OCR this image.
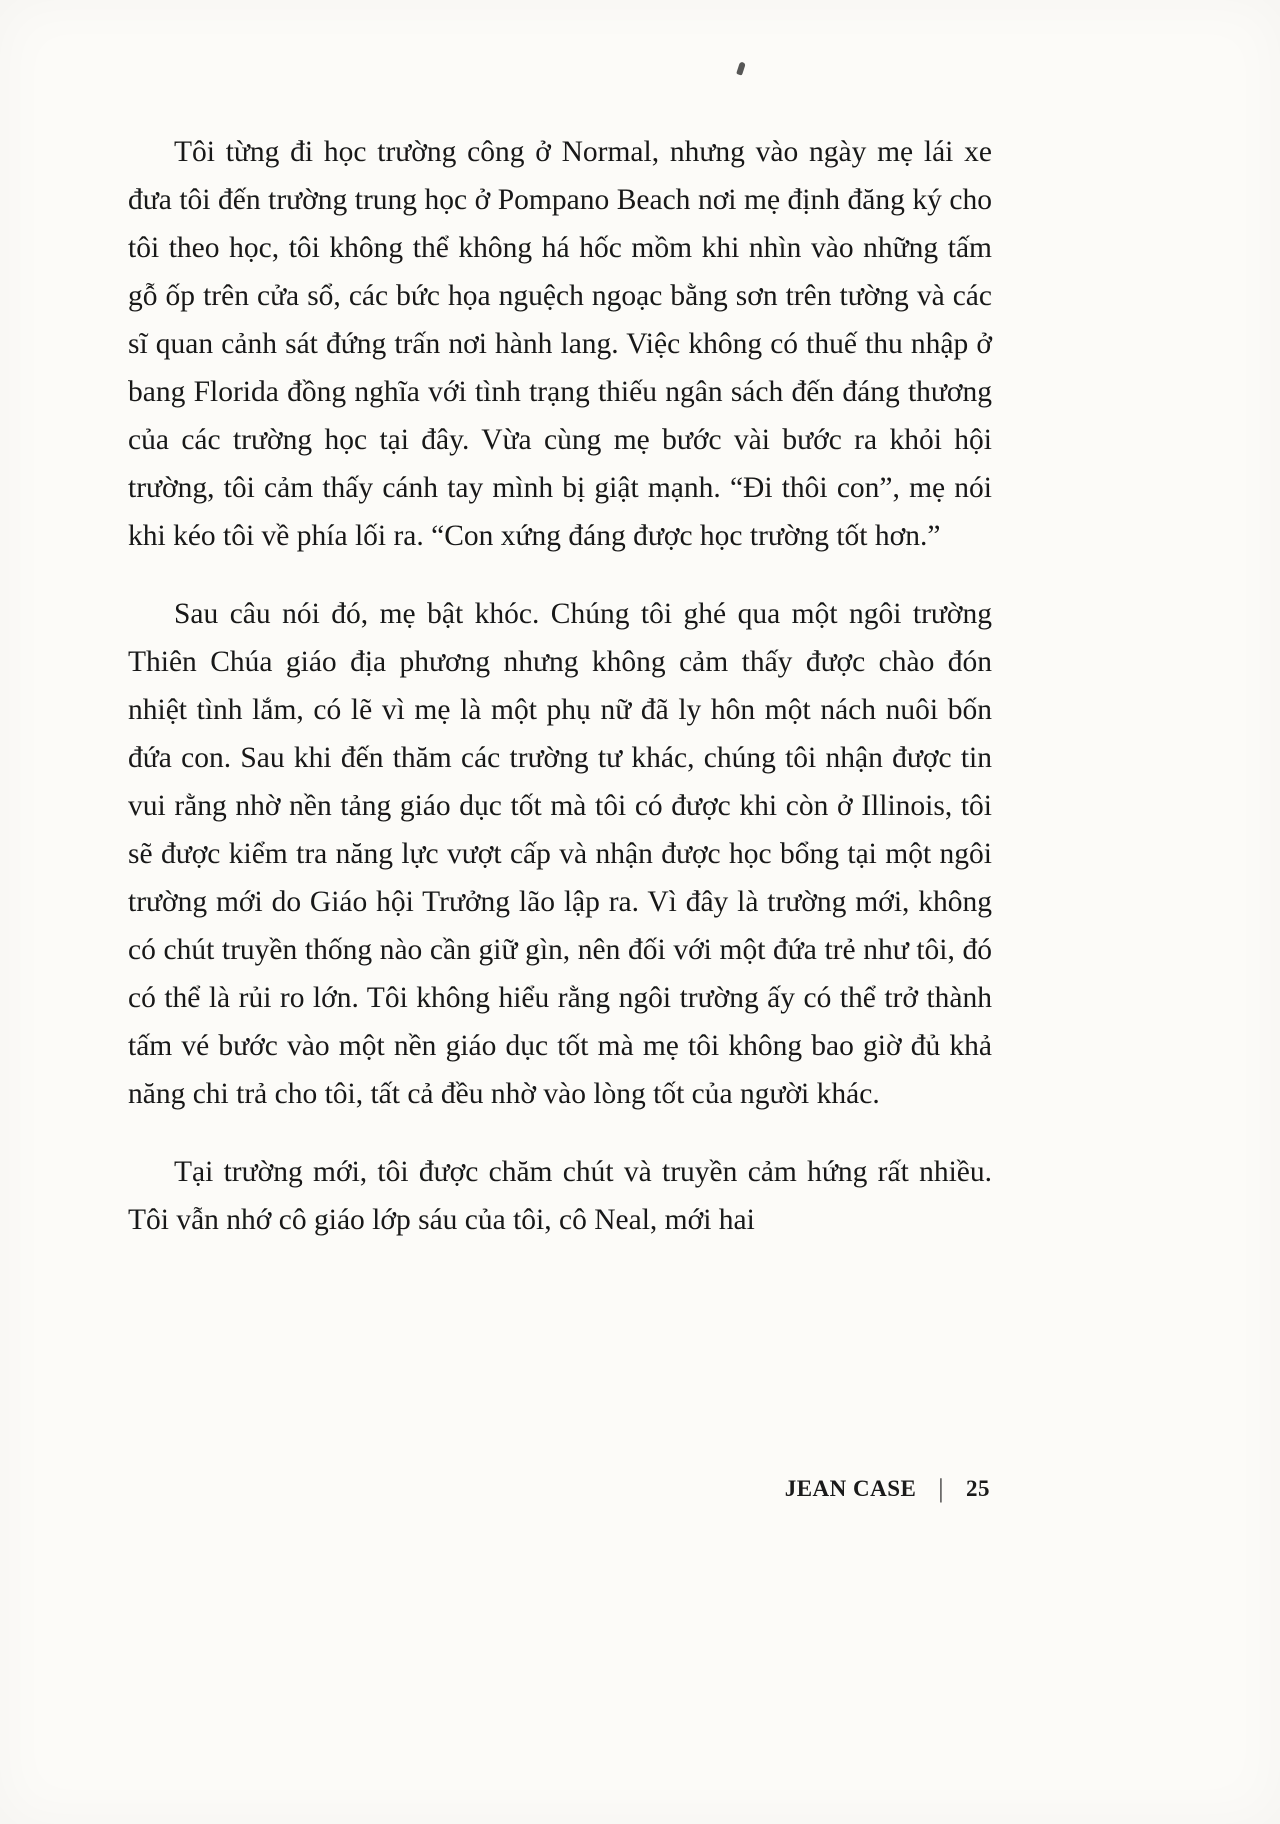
Tôi từng đi học trường công ở Normal, nhưng vào ngày mẹ lái xe đưa tôi đến trường trung học ở Pompano Beach nơi mẹ định đăng ký cho tôi theo học, tôi không thể không há hốc mồm khi nhìn vào những tấm gỗ ốp trên cửa sổ, các bức họa nguệch ngoạc bằng sơn trên tường và các sĩ quan cảnh sát đứng trấn nơi hành lang. Việc không có thuế thu nhập ở bang Florida đồng nghĩa với tình trạng thiếu ngân sách đến đáng thương của các trường học tại đây. Vừa cùng mẹ bước vài bước ra khỏi hội trường, tôi cảm thấy cánh tay mình bị giật mạnh. “Đi thôi con”, mẹ nói khi kéo tôi về phía lối ra. “Con xứng đáng được học trường tốt hơn.”

Sau câu nói đó, mẹ bật khóc. Chúng tôi ghé qua một ngôi trường Thiên Chúa giáo địa phương nhưng không cảm thấy được chào đón nhiệt tình lắm, có lẽ vì mẹ là một phụ nữ đã ly hôn một nách nuôi bốn đứa con. Sau khi đến thăm các trường tư khác, chúng tôi nhận được tin vui rằng nhờ nền tảng giáo dục tốt mà tôi có được khi còn ở Illinois, tôi sẽ được kiểm tra năng lực vượt cấp và nhận được học bổng tại một ngôi trường mới do Giáo hội Trưởng lão lập ra. Vì đây là trường mới, không có chút truyền thống nào cần giữ gìn, nên đối với một đứa trẻ như tôi, đó có thể là rủi ro lớn. Tôi không hiểu rằng ngôi trường ấy có thể trở thành tấm vé bước vào một nền giáo dục tốt mà mẹ tôi không bao giờ đủ khả năng chi trả cho tôi, tất cả đều nhờ vào lòng tốt của người khác.

Tại trường mới, tôi được chăm chút và truyền cảm hứng rất nhiều. Tôi vẫn nhớ cô giáo lớp sáu của tôi, cô Neal, mới hai

JEAN CASE | 25
